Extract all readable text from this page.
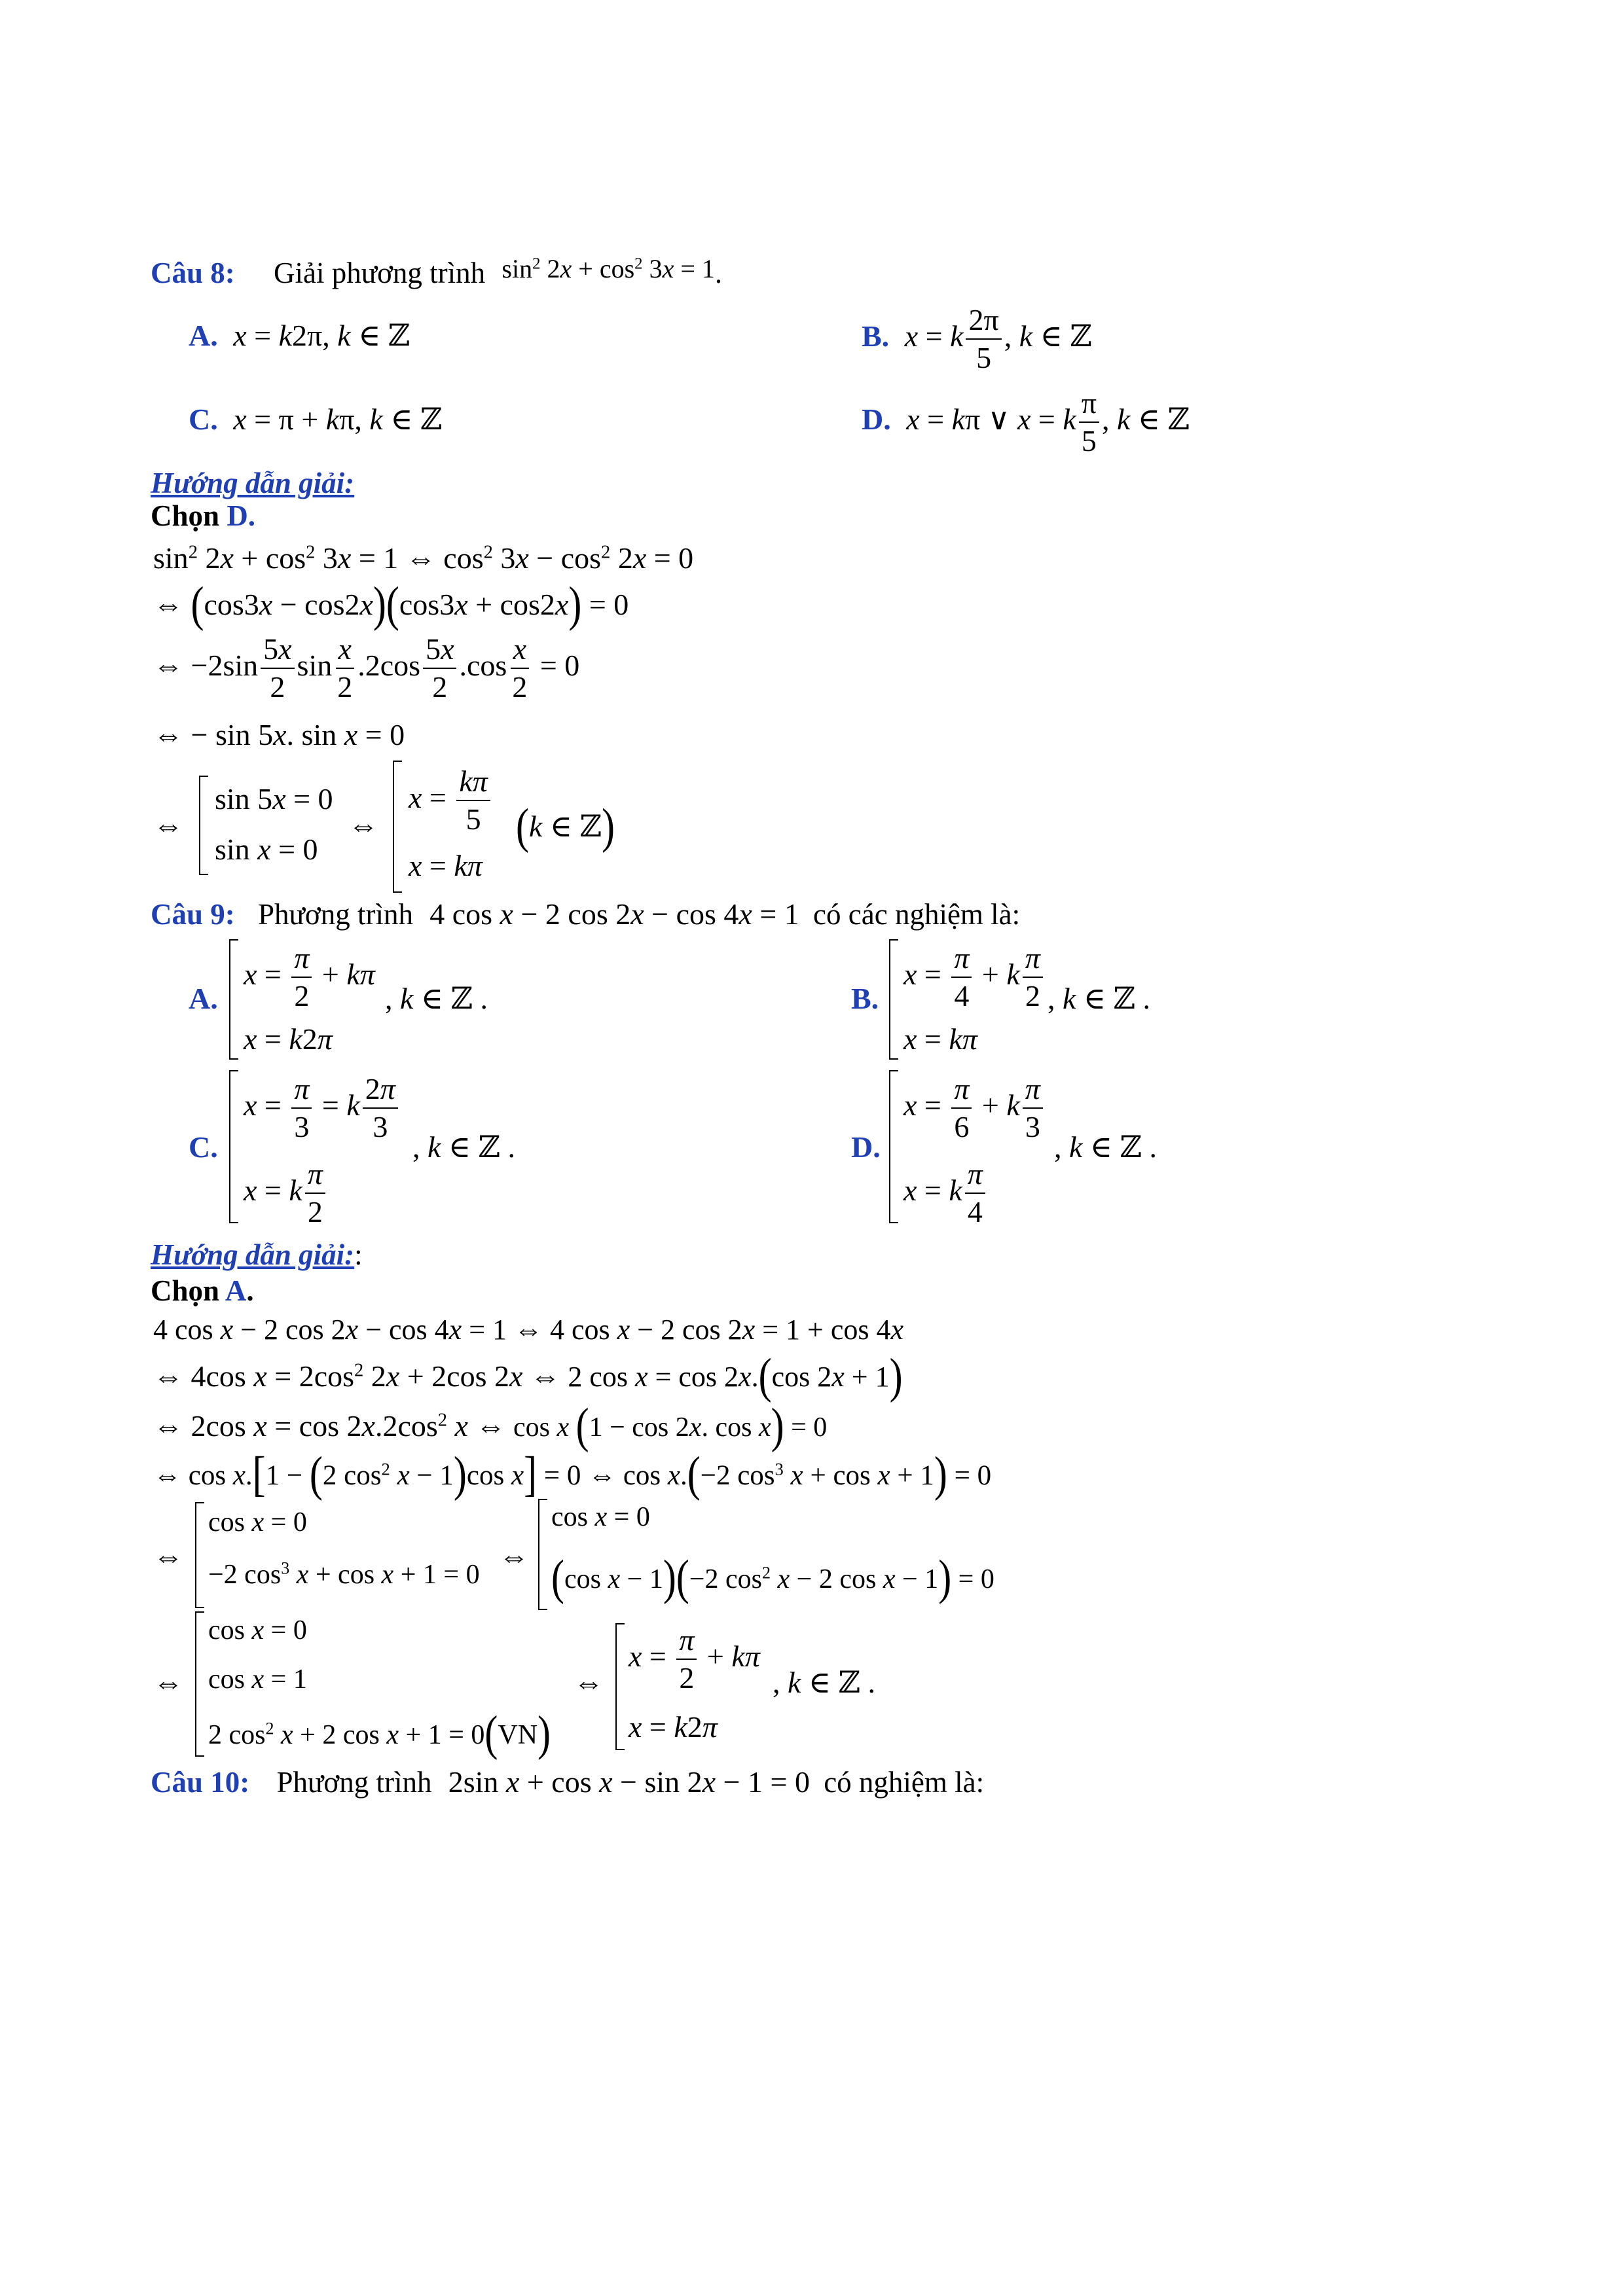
Câu 8: Giải phương trình $\sin^2 2x + \cos^2 3x = 1$.
A. x = k2π, k ∈ ℤ	B. x = k $\frac{2\pi}{5}$ , k ∈ ℤ
C. x = π + kπ, k ∈ ℤ	D. x = kπ ∨ x = k $\frac{\pi}{5}$ , k ∈ ℤ
Hướng dẫn giải:
Chọn D.
$\sin^2 2x + \cos^2 3x = 1$ ⇔ $\cos^2 3x - \cos^2 2x = 0$
⇔ (cos3x − cos2x)(cos3x + cos2x) = 0
⇔ $-2\sin \frac{5x}{2}$ $\sin \frac{x}{2} .2\cos \frac{5x}{2} .\cos \frac{x}{2} = 0$
⇔ − sin 5x. sin x = 0
⇔
sin 5x = 0
sin x = 0
⇔
$x = \frac{k\pi}{5}$
x = kπ
(k ∈ ℤ)
Câu 9: Phương trình 4 cos x − 2 cos 2x − cos 4x = 1 có các nghiệm là:
A.
$x = \frac{\pi}{2} + k\pi$
x = k2π
, k ∈ ℤ .	B.
$x = \frac{\pi}{4} + k \frac{\pi}{2}$
x = kπ
, k ∈ ℤ .
C.
$x = \frac{\pi}{3} = k \frac{2\pi}{3}$
x = k $\frac{\pi}{2}$
, k ∈ ℤ .	D.
$x = \frac{\pi}{6} + k \frac{\pi}{3}$
x = k $\frac{\pi}{4}$
, k ∈ ℤ .
Hướng dẫn giải::
Chọn A.
4 cos x − 2 cos 2x − cos 4x = 1 ⇔ 4 cos x − 2 cos 2x = 1 + cos 4x
⇔ 4cos $x = 2\cos^2$ 2x + 2cos 2x ⇔ 2 cos x = cos 2x.(cos 2x + 1)
⇔ 2cos $x = \cos 2x.2\cos^2$ x ⇔ cos x (1 − cos 2x. cos x) = 0
⇔ cos x.[1 − (2 $\cos^2 x - 1)\cos$ x] = 0 ⇔ cos x.(−2 $\cos^3 x + \cos x + 1) = 0$
⇔
cos x = 0
−2 $\cos^3 x + \cos x + 1 = 0$
⇔
cos x = 0
(cos x − 1)(−2 $\cos^2 x - 2$ cos x − 1) = 0
⇔
cos x = 0
cos x = 1
2 $\cos^2 x + 2$ cos x + 1 = 0(VN)
⇔
$x = \frac{\pi}{2} + k\pi$
x = k2π
, k ∈ ℤ .
Câu 10: Phương trình 2sin x + cos x − sin 2x − 1 = 0 có nghiệm là:
